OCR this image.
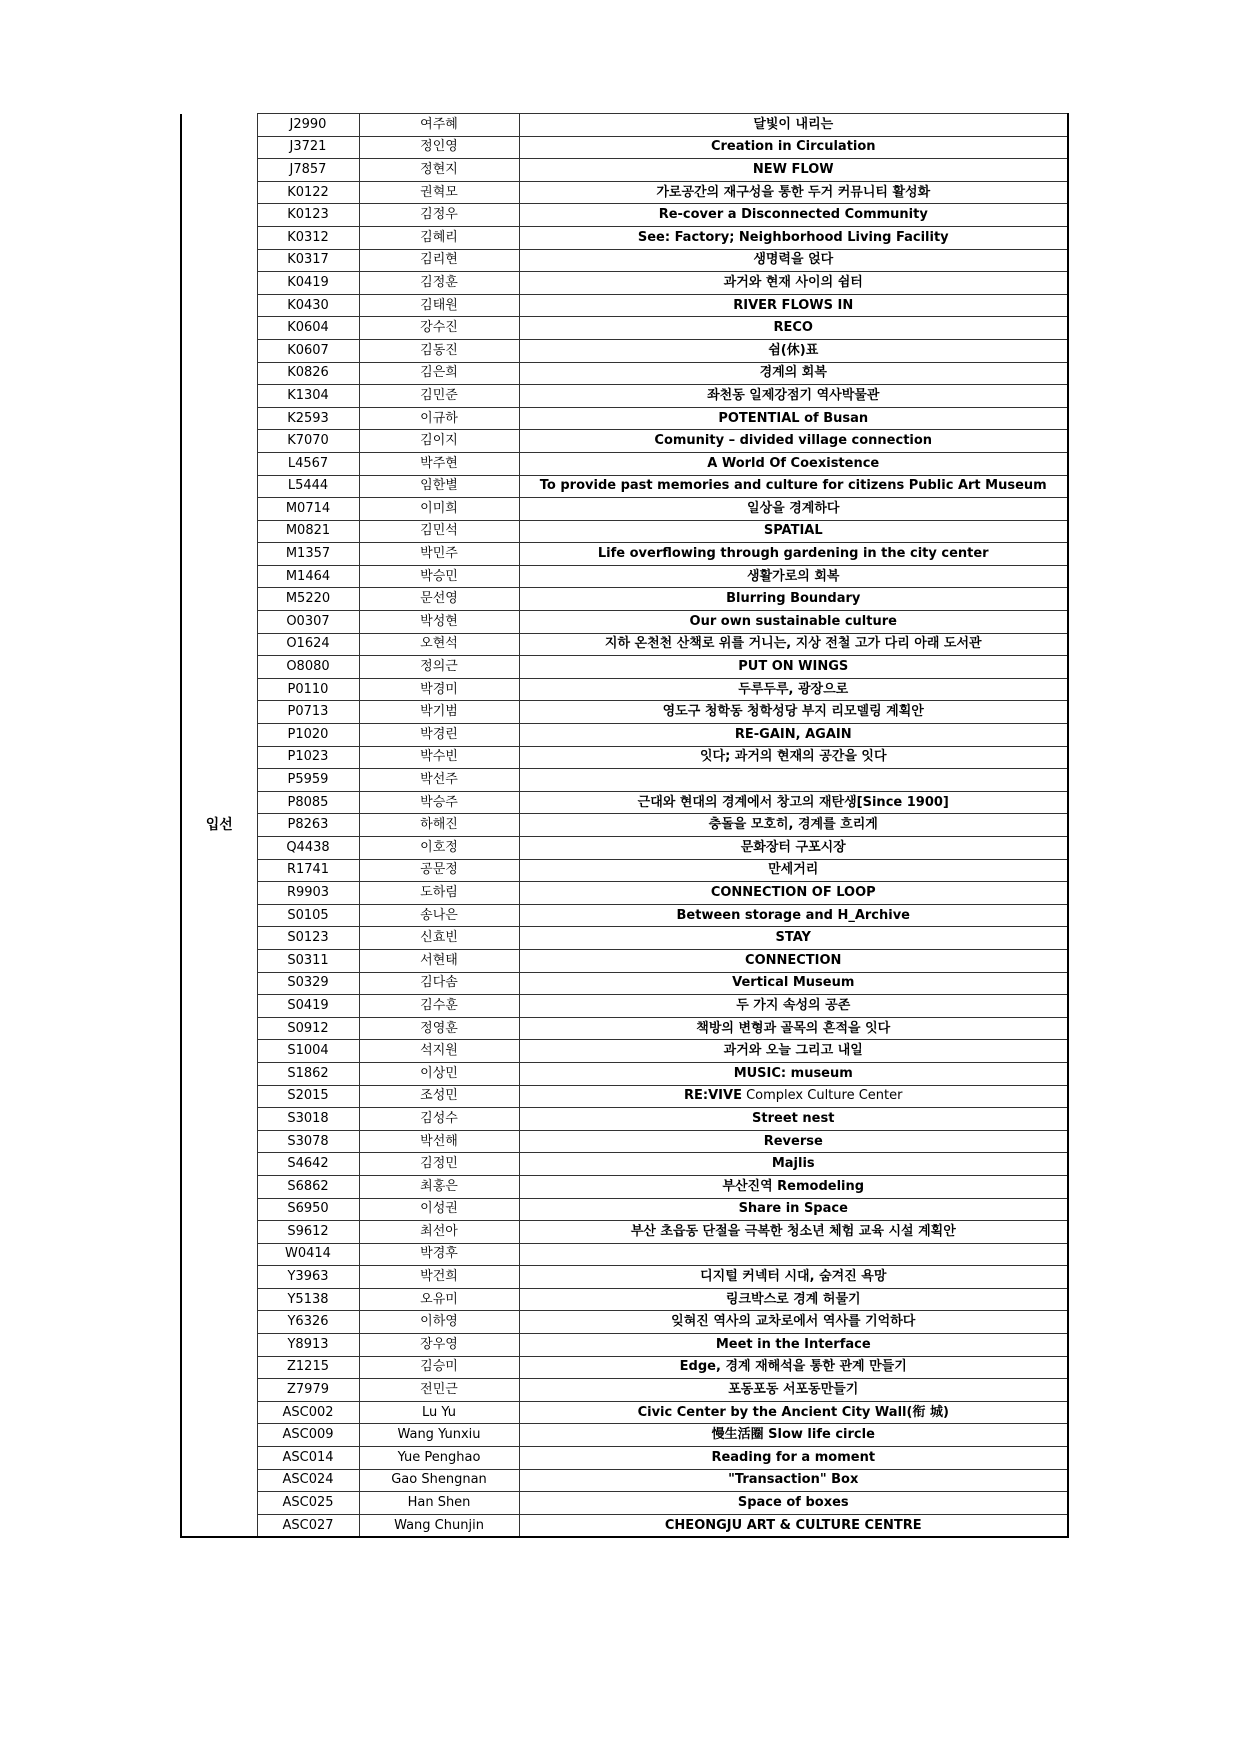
입선	J2990	여주혜	달빛이 내리는
	J3721	정인영	Creation in Circulation
	J7857	정현지	NEW FLOW
	K0122	권혁모	가로공간의 재구성을 통한 두거 커뮤니티 활성화
	K0123	김정우	Re-cover a Disconnected Community
	K0312	김혜리	See: Factory; Neighborhood Living Facility
	K0317	김리현	생명력을 얹다
	K0419	김정훈	과거와 현재 사이의 쉼터
	K0430	김태원	RIVER FLOWS IN
	K0604	강수진	RECO
	K0607	김동진	쉼(休)표
	K0826	김은희	경계의 회복
	K1304	김민준	좌천동 일제강점기 역사박물관
	K2593	이규하	POTENTIAL of Busan
	K7070	김이지	Comunity – divided village connection
	L4567	박주현	A World Of Coexistence
	L5444	임한별	To provide past memories and culture for citizens Public Art Museum
	M0714	이미희	일상을 경계하다
	M0821	김민석	SPATIAL
	M1357	박민주	Life overflowing through gardening in the city center
	M1464	박승민	생활가로의 회복
	M5220	문선영	Blurring Boundary
	O0307	박성현	Our own sustainable culture
	O1624	오현석	지하 온천천 산책로 위를 거니는, 지상 전철 고가 다리 아래 도서관
	O8080	정의근	PUT ON WINGS
	P0110	박경미	두루두루, 광장으로
	P0713	박기범	영도구 청학동 청학성당 부지 리모델링 계획안
	P1020	박경린	RE-GAIN, AGAIN
	P1023	박수빈	잇다; 과거의 현재의 공간을 잇다
	P5959	박선주	
	P8085	박승주	근대와 현대의 경계에서 창고의 재탄생[Since 1900]
	P8263	하해진	충돌을 모호히, 경계를 흐리게
	Q4438	이호정	문화장터 구포시장
	R1741	공문정	만세거리
	R9903	도하림	CONNECTION OF LOOP
	S0105	송나은	Between storage and H_Archive
	S0123	신효빈	STAY
	S0311	서현태	CONNECTION
	S0329	김다솜	Vertical Museum
	S0419	김수훈	두 가지 속성의 공존
	S0912	정영훈	책방의 변형과 골목의 흔적을 잇다
	S1004	석지원	과거와 오늘 그리고 내일
	S1862	이상민	MUSIC: museum
	S2015	조성민	RE:VIVE Complex Culture Center
	S3018	김성수	Street nest
	S3078	박선해	Reverse
	S4642	김정민	Majlis
	S6862	최홍은	부산진역 Remodeling
	S6950	이성권	Share in Space
	S9612	최선아	부산 초읍동 단절을 극복한 청소년 체험 교육 시설 계획안
	W0414	박경후	
	Y3963	박건희	디지털 커넥터 시대, 숨겨진 욕망
	Y5138	오유미	링크박스로 경계 허물기
	Y6326	이하영	잊혀진 역사의 교차로에서 역사를 기억하다
	Y8913	장우영	Meet in the Interface
	Z1215	김승미	Edge, 경계 재해석을 통한 관계 만들기
	Z7979	전민근	포동포동 서포동만들기
	ASC002	Lu Yu	Civic Center by the Ancient City Wall(衔 城)
	ASC009	Wang Yunxiu	慢生活圈 Slow life circle
	ASC014	Yue Penghao	Reading for a moment
	ASC024	Gao Shengnan	"Transaction" Box
	ASC025	Han Shen	Space of boxes
	ASC027	Wang Chunjin	CHEONGJU ART & CULTURE CENTRE
